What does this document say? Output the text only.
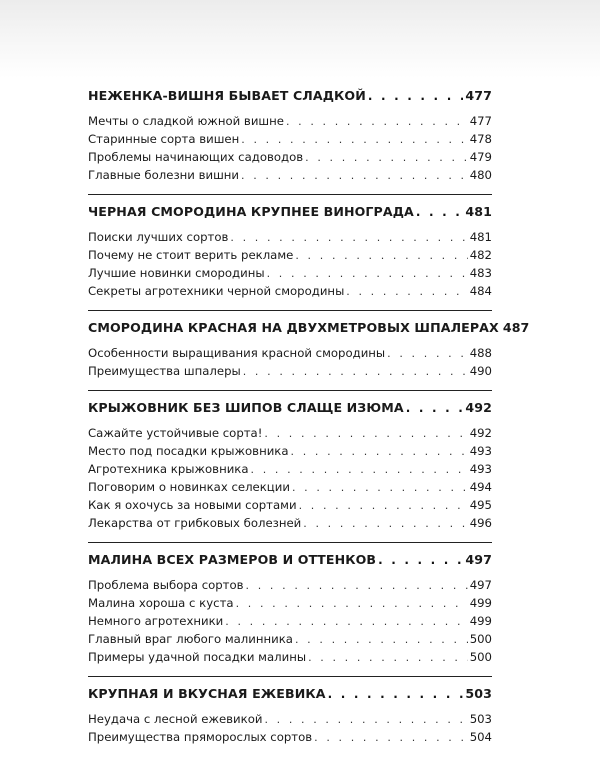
НЕЖЕНКА-ВИШНЯ БЫВАЕТ СЛАДКОЙ . . .	477
Мечты о сладкой южной вишне . . .	477
Старинные сорта вишен . . .	478
Проблемы начинающих садоводов . . .	479
Главные болезни вишни . . .	480
ЧЕРНАЯ СМОРОДИНА КРУПНЕЕ ВИНОГРАДА . . .	481
Поиски лучших сортов . . .	481
Почему не стоит верить рекламе . . .	482
Лучшие новинки смородины . . .	483
Секреты агротехники черной смородины . . .	484
СМОРОДИНА КРАСНАЯ НА ДВУХМЕТРОВЫХ ШПАЛЕРАХ 487
Особенности выращивания красной смородины . . .	488
Преимущества шпалеры . . .	490
КРЫЖОВНИК БЕЗ ШИПОВ СЛАЩЕ ИЗЮМА . . .	492
Сажайте устойчивые сорта! . . .	492
Место под посадки крыжовника . . .	493
Агротехника крыжовника . . .	493
Поговорим о новинках селекции . . .	494
Как я охочусь за новыми сортами . . .	495
Лекарства от грибковых болезней . . .	496
МАЛИНА ВСЕХ РАЗМЕРОВ И ОТТЕНКОВ . . .	497
Проблема выбора сортов . . .	497
Малина хороша с куста . . .	499
Немного агротехники . . .	499
Главный враг любого малинника . . .	500
Примеры удачной посадки малины . . .	500
КРУПНАЯ И ВКУСНАЯ ЕЖЕВИКА . . .	503
Неудача с лесной ежевикой . . .	503
Преимущества пряморослых сортов . . .	504
